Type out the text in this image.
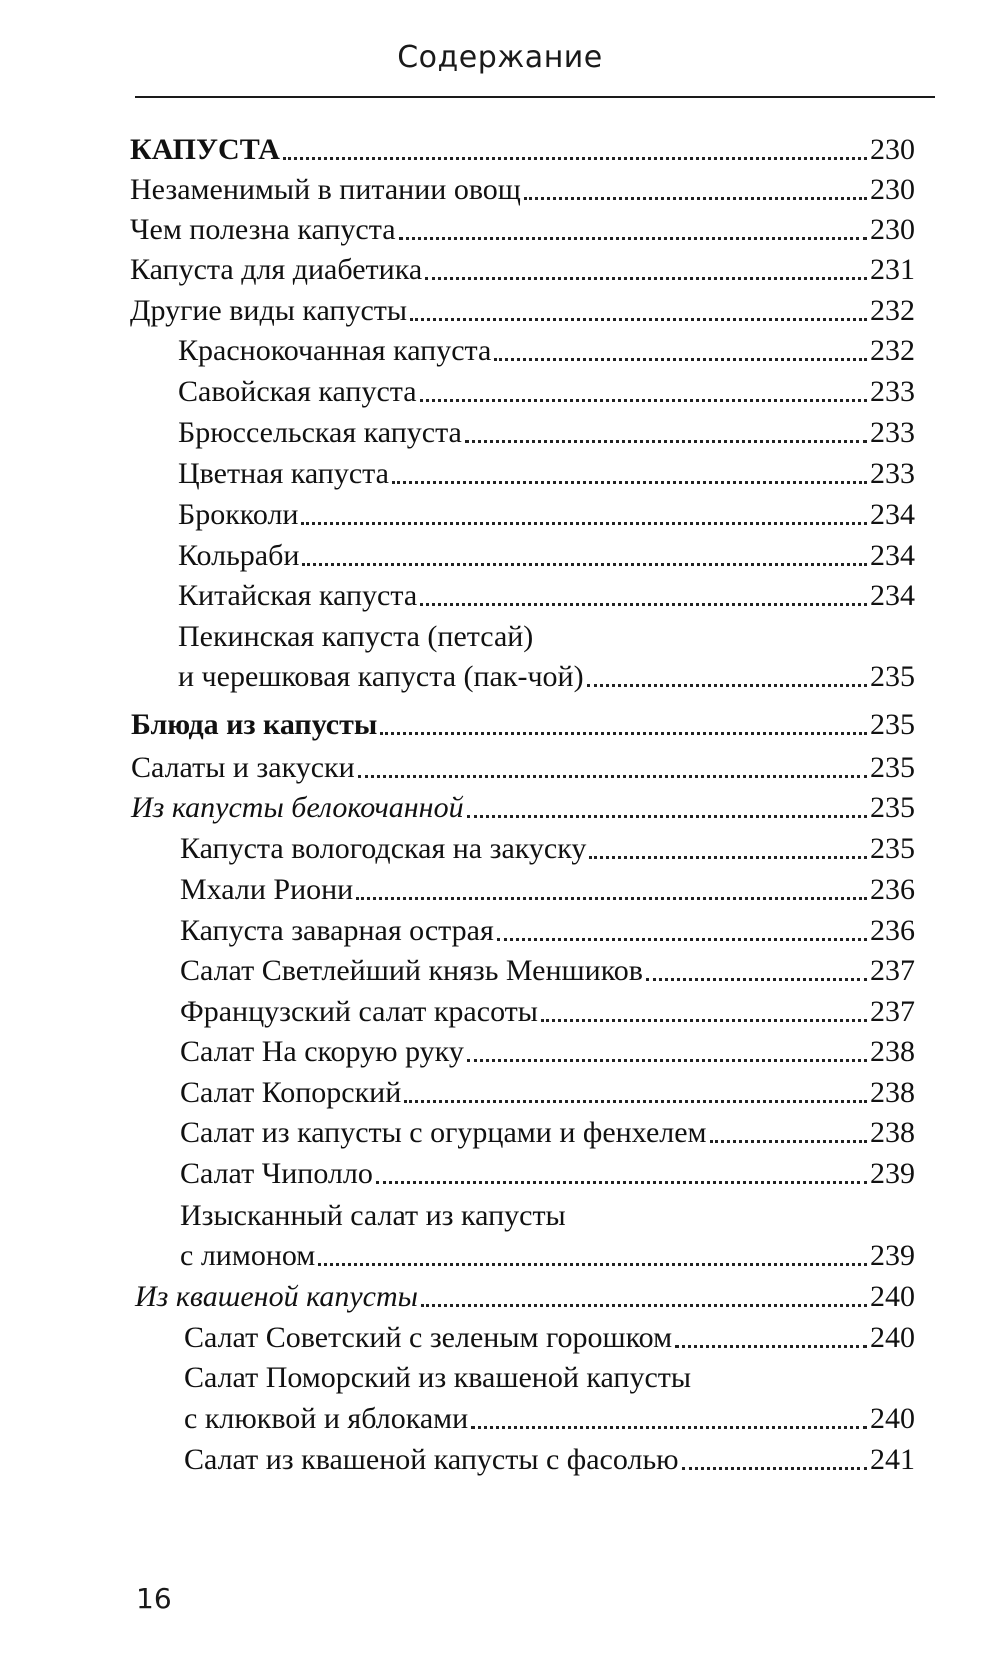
Содержание
КАПУСТА	230
Незаменимый в питании овощ	230
Чем полезна капуста	230
Капуста для диабетика	231
Другие виды капусты	232
Краснокочанная капуста	232
Савойская капуста	233
Брюссельская капуста	233
Цветная капуста	233
Брокколи	234
Кольраби	234
Китайская капуста	234
Пекинская капуста (петсай)
и черешковая капуста (пак-чой)	235
Блюда из капусты	235
Салаты и закуски	235
Из капусты белокочанной	235
Капуста вологодская на закуску	235
Мхали Риони	236
Капуста заварная острая	236
Салат Светлейший князь Меншиков	237
Французский салат красоты	237
Салат На скорую руку	238
Салат Копорский	238
Салат из капусты с огурцами и фенхелем	238
Салат Чиполло	239
Изысканный салат из капусты
с лимоном	239
Из квашеной капусты	240
Салат Советский с зеленым горошком	240
Салат Поморский из квашеной капусты
с клюквой и яблоками	240
Салат из квашеной капусты с фасолью	241
16
